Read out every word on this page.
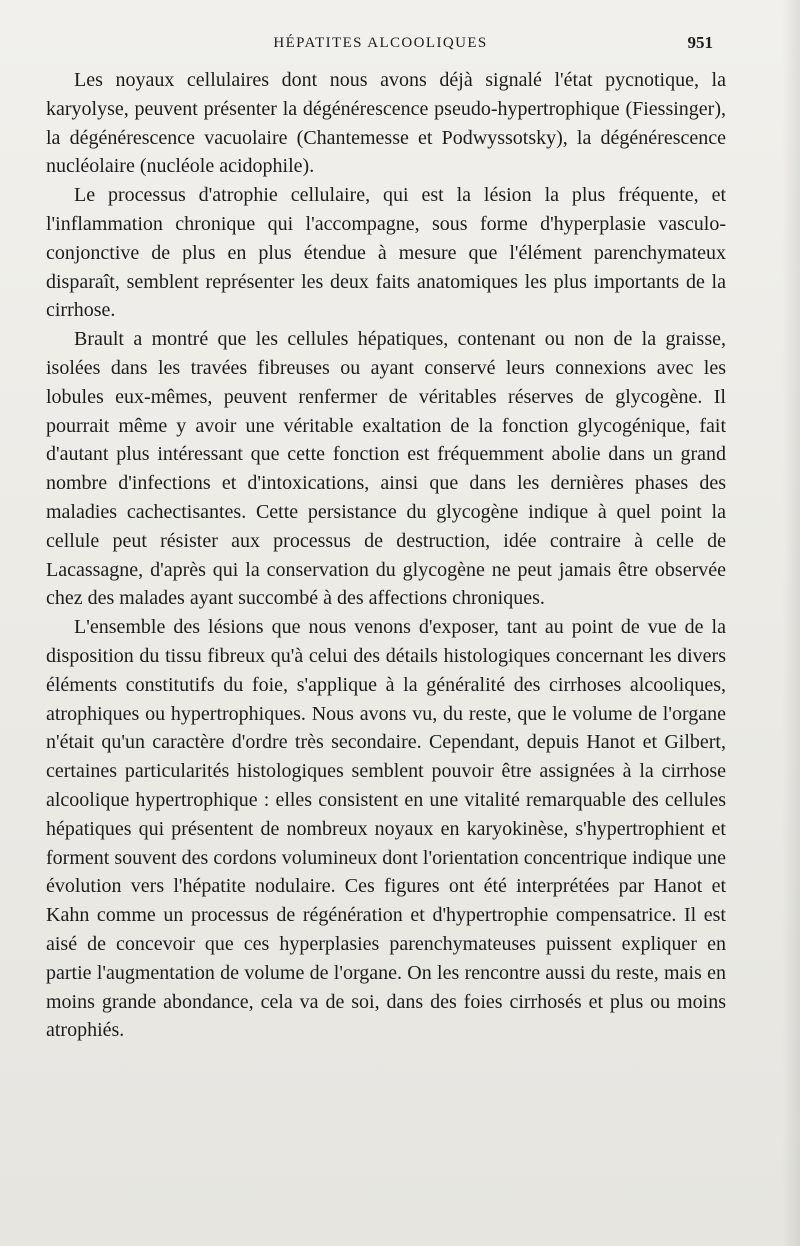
HÉPATITES ALCOOLIQUES	951

Les noyaux cellulaires dont nous avons déjà signalé l'état pycnotique, la karyolyse, peuvent présenter la dégénérescence pseudo-hypertrophique (Fiessinger), la dégénérescence vacuolaire (Chantemesse et Podwyssotsky), la dégénérescence nucléolaire (nucléole acidophile).

Le processus d'atrophie cellulaire, qui est la lésion la plus fréquente, et l'inflammation chronique qui l'accompagne, sous forme d'hyperplasie vasculo-conjonctive de plus en plus étendue à mesure que l'élément parenchymateux disparaît, semblent représenter les deux faits anatomiques les plus importants de la cirrhose.

Brault a montré que les cellules hépatiques, contenant ou non de la graisse, isolées dans les travées fibreuses ou ayant conservé leurs connexions avec les lobules eux-mêmes, peuvent renfermer de véritables réserves de glycogène. Il pourrait même y avoir une véritable exaltation de la fonction glycogénique, fait d'autant plus intéressant que cette fonction est fréquemment abolie dans un grand nombre d'infections et d'intoxications, ainsi que dans les dernières phases des maladies cachectisantes. Cette persistance du glycogène indique à quel point la cellule peut résister aux processus de destruction, idée contraire à celle de Lacassagne, d'après qui la conservation du glycogène ne peut jamais être observée chez des malades ayant succombé à des affections chroniques.

L'ensemble des lésions que nous venons d'exposer, tant au point de vue de la disposition du tissu fibreux qu'à celui des détails histologiques concernant les divers éléments constitutifs du foie, s'applique à la généralité des cirrhoses alcooliques, atrophiques ou hypertrophiques. Nous avons vu, du reste, que le volume de l'organe n'était qu'un caractère d'ordre très secondaire. Cependant, depuis Hanot et Gilbert, certaines particularités histologiques semblent pouvoir être assignées à la cirrhose alcoolique hypertrophique : elles consistent en une vitalité remarquable des cellules hépatiques qui présentent de nombreux noyaux en karyokinèse, s'hypertrophient et forment souvent des cordons volumineux dont l'orientation concentrique indique une évolution vers l'hépatite nodulaire. Ces figures ont été interprétées par Hanot et Kahn comme un processus de régénération et d'hypertrophie compensatrice. Il est aisé de concevoir que ces hyperplasies parenchymateuses puissent expliquer en partie l'augmentation de volume de l'organe. On les rencontre aussi du reste, mais en moins grande abondance, cela va de soi, dans des foies cirrhosés et plus ou moins atrophiés.
